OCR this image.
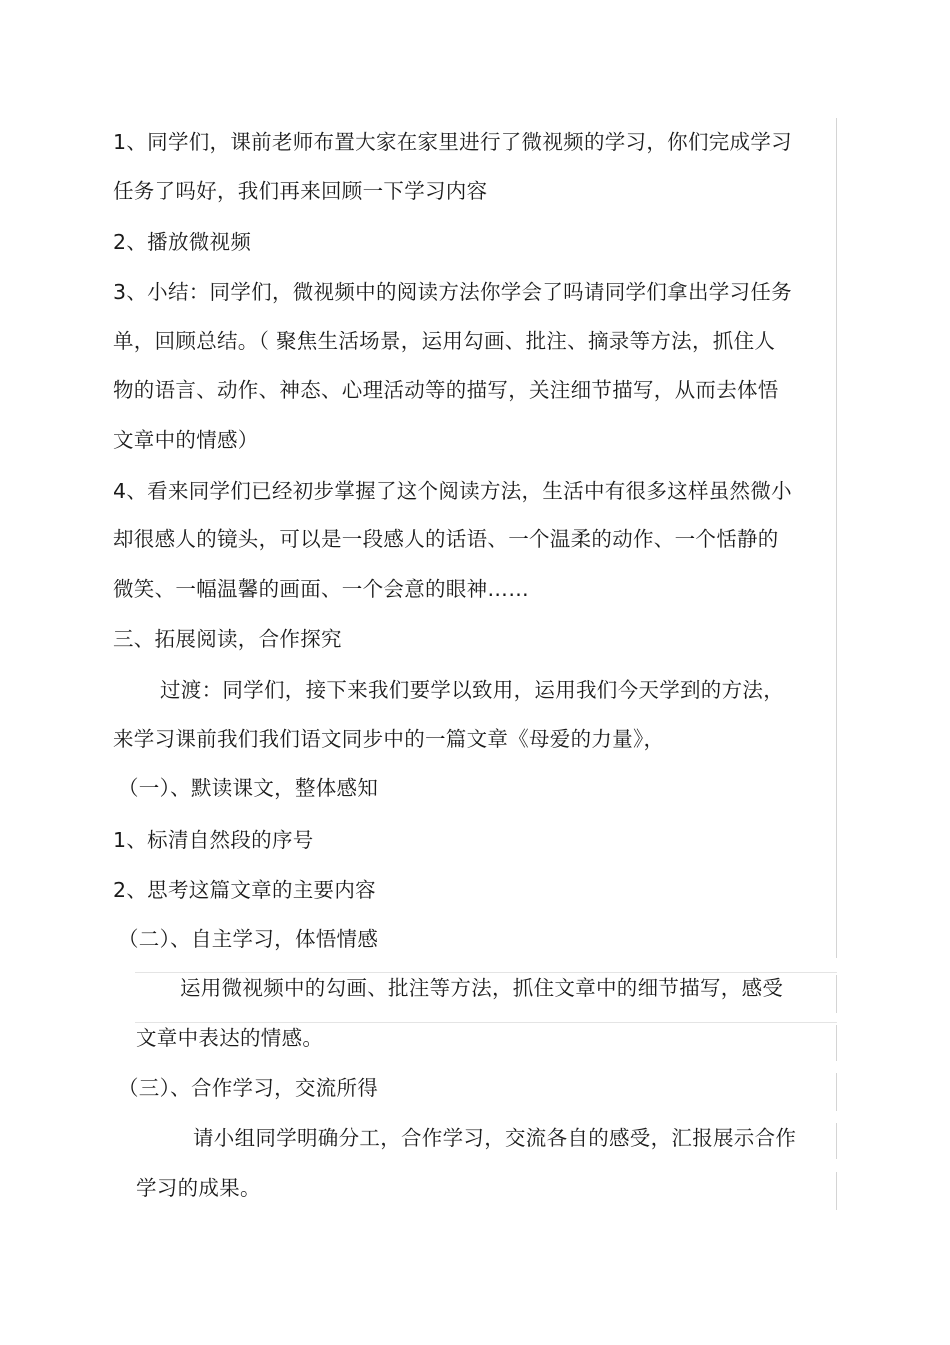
1、同学们，课前老师布置大家在家里进行了微视频的学习，你们完成学习
任务了吗好，我们再来回顾一下学习内容
2、播放微视频
3、小结：同学们，微视频中的阅读方法你学会了吗请同学们拿出学习任务
单，回顾总结。（ 聚焦生活场景，运用勾画、批注、摘录等方法，抓住人
物的语言、动作、神态、心理活动等的描写，关注细节描写，从而去体悟
文章中的情感）
4、看来同学们已经初步掌握了这个阅读方法，生活中有很多这样虽然微小
却很感人的镜头，可以是一段感人的话语、一个温柔的动作、一个恬静的
微笑、一幅温馨的画面、一个会意的眼神……
三、拓展阅读，合作探究
过渡：同学们，接下来我们要学以致用，运用我们今天学到的方法，
来学习课前我们我们语文同步中的一篇文章《母爱的力量》，
（一）、默读课文，整体感知
1、标清自然段的序号
2、思考这篇文章的主要内容
（二）、自主学习，体悟情感
运用微视频中的勾画、批注等方法，抓住文章中的细节描写，感受
文章中表达的情感。
（三）、合作学习，交流所得
请小组同学明确分工，合作学习，交流各自的感受，汇报展示合作
学习的成果。
